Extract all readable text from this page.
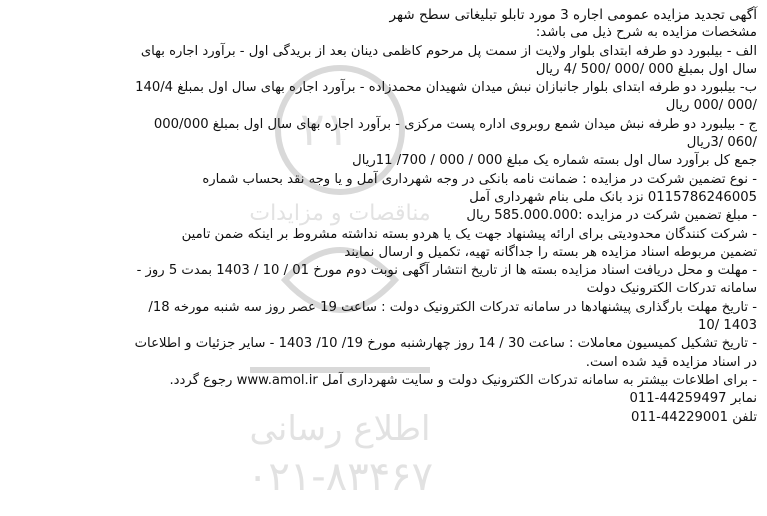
۲۱
اطلاع رسانی
مناقصات و مزایدات
۰۲۱-۸۳۴۶۷
آگهی تجدید مزایده عمومی اجاره 3 مورد تابلو تبلیغاتی سطح شهر
مشخصات مزایده به شرح ذیل می باشد:
الف - بیلبورد دو طرفه ابتدای بلوار ولایت از سمت پل مرحوم کاظمی دینان بعد از بریدگی اول - برآورد اجاره بهای
سال اول بمبلغ 000 /000 /500 /4 ریال
ب- بیلبورد دو طرفه ابتدای بلوار جانبازان نبش میدان شهیدان محمدزاده - برآورد اجاره بهای سال اول بمبلغ 140/4
/000 /000 ریال
ج - بیلبورد دو طرفه نبش میدان شمع روبروی اداره پست مرکزی - برآورد اجاره بهای سال اول بمبلغ 000/000
/060 /3ریال
جمع کل برآورد سال اول بسته شماره یک مبلغ 000 / 000 / 700/ 11ریال
- نوع تضمین شرکت در مزایده : ضمانت نامه بانکی در وجه شهرداری آمل و یا وجه نقد بحساب شماره
0115786246005 نزد بانک ملی بنام شهرداری آمل
- مبلغ تضمین شرکت در مزایده :585.000.000 ریال
- شرکت کنندگان محدودیتی برای ارائه پیشنهاد جهت یک یا هردو بسته نداشته مشروط بر اینکه ضمن تامین
تضمین مربوطه اسناد مزایده هر بسته را جداگانه تهیه، تکمیل و ارسال نمایند
- مهلت و محل دریافت اسناد مزایده بسته ها از تاریخ انتشار آگهی نوبت دوم مورخ 01 / 10 / 1403 بمدت 5 روز -
سامانه تدرکات الکترونیک دولت
- تاریخ مهلت بارگذاری پیشنهادها در سامانه تدرکات الکترونیک دولت : ساعت 19 عصر روز سه شنبه مورخه 18/
10/ 1403
- تاریخ تشکیل کمیسیون معاملات : ساعت 30 / 14 روز چهارشنبه مورخ 19/ 10/ 1403 - سایر جزئیات و اطلاعات
در اسناد مزایده قید شده است.
- برای اطلاعات بیشتر به سامانه تدرکات الکترونیک دولت و سایت شهرداری آمل www.amol.ir رجوع گردد.
نمابر 44259497-011
تلفن 44229001-011
